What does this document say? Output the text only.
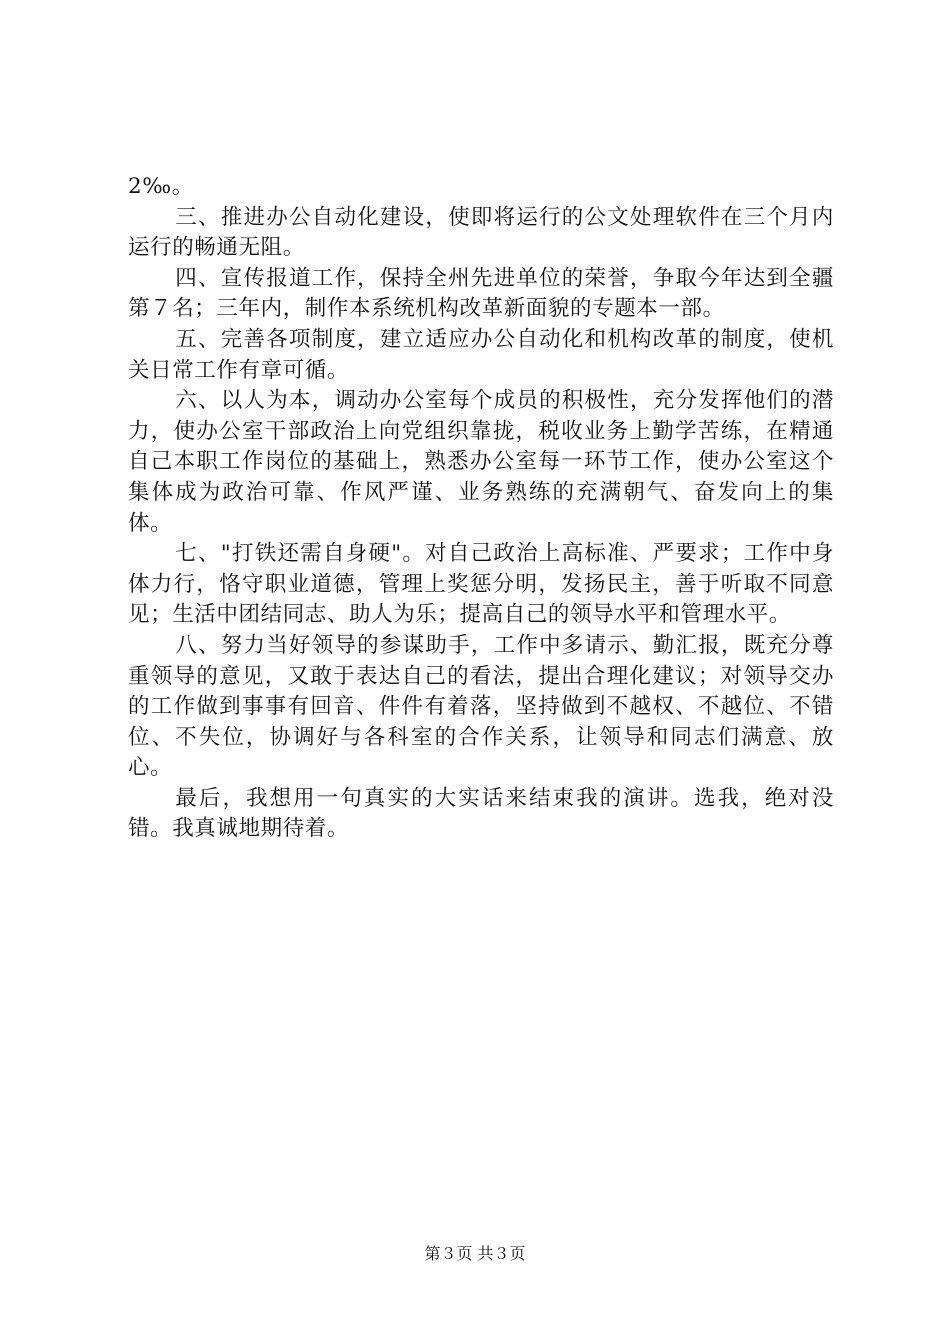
2‰。

三、推进办公自动化建设，使即将运行的公文处理软件在三个月内运行的畅通无阻。

四、宣传报道工作，保持全州先进单位的荣誉，争取今年达到全疆第７名；三年内，制作本系统机构改革新面貌的专题本一部。

五、完善各项制度，建立适应办公自动化和机构改革的制度，使机关日常工作有章可循。

六、以人为本，调动办公室每个成员的积极性，充分发挥他们的潜力，使办公室干部政治上向党组织靠拢，税收业务上勤学苦练，在精通自己本职工作岗位的基础上，熟悉办公室每一环节工作，使办公室这个集体成为政治可靠、作风严谨、业务熟练的充满朝气、奋发向上的集体。

七、"打铁还需自身硬"。对自己政治上高标准、严要求；工作中身体力行，恪守职业道德，管理上奖惩分明，发扬民主，善于听取不同意见；生活中团结同志、助人为乐；提高自己的领导水平和管理水平。

八、努力当好领导的参谋助手，工作中多请示、勤汇报，既充分尊重领导的意见，又敢于表达自己的看法，提出合理化建议；对领导交办的工作做到事事有回音、件件有着落，坚持做到不越权、不越位、不错位、不失位，协调好与各科室的合作关系，让领导和同志们满意、放心。

最后，我想用一句真实的大实话来结束我的演讲。选我，绝对没错。我真诚地期待着。

第３页 共３页
